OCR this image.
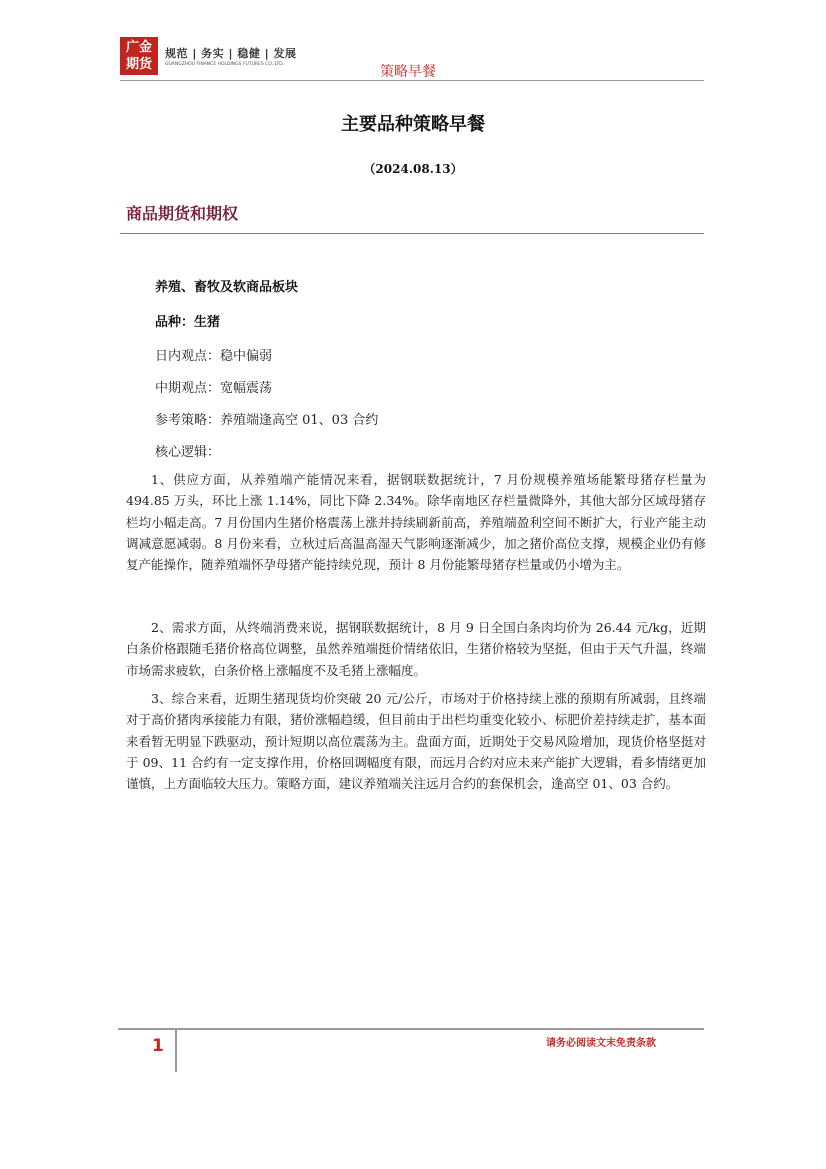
广金
期货
规范 | 务实 | 稳健 | 发展
GUANGZHOU FINANCE HOLDINGS FUTURES CO.,LTD.	策略早餐
主要品种策略早餐
（2024.08.13）
商品期货和期权
养殖、畜牧及软商品板块
品种：生猪
日内观点：稳中偏弱
中期观点：宽幅震荡
参考策略：养殖端逢高空 01、03 合约
核心逻辑：
1、供应方面，从养殖端产能情况来看，据钢联数据统计，7 月份规模养殖场能繁母猪存栏量为 494.85 万头，环比上涨 1.14%，同比下降 2.34%。除华南地区存栏量微降外，其他大部分区域母猪存栏均小幅走高。7 月份国内生猪价格震荡上涨并持续刷新前高，养殖端盈利空间不断扩大，行业产能主动调减意愿减弱。8 月份来看，立秋过后高温高湿天气影响逐渐减少，加之猪价高位支撑，规模企业仍有修复产能操作，随养殖端怀孕母猪产能持续兑现，预计 8 月份能繁母猪存栏量或仍小增为主。
2、需求方面，从终端消费来说，据钢联数据统计，8 月 9 日全国白条肉均价为 26.44 元/kg，近期白条价格跟随毛猪价格高位调整，虽然养殖端挺价情绪依旧，生猪价格较为坚挺，但由于天气升温，终端市场需求疲软，白条价格上涨幅度不及毛猪上涨幅度。
3、综合来看，近期生猪现货均价突破 20 元/公斤，市场对于价格持续上涨的预期有所减弱，且终端对于高价猪肉承接能力有限，猪价涨幅趋缓，但目前由于出栏均重变化较小、标肥价差持续走扩，基本面来看暂无明显下跌驱动，预计短期以高位震荡为主。盘面方面，近期处于交易风险增加，现货价格坚挺对于 09、11 合约有一定支撑作用，价格回调幅度有限，而远月合约对应未来产能扩大逻辑，看多情绪更加谨慎，上方面临较大压力。策略方面，建议养殖端关注远月合约的套保机会，逢高空 01、03 合约。
1	请务必阅读文末免责条款
